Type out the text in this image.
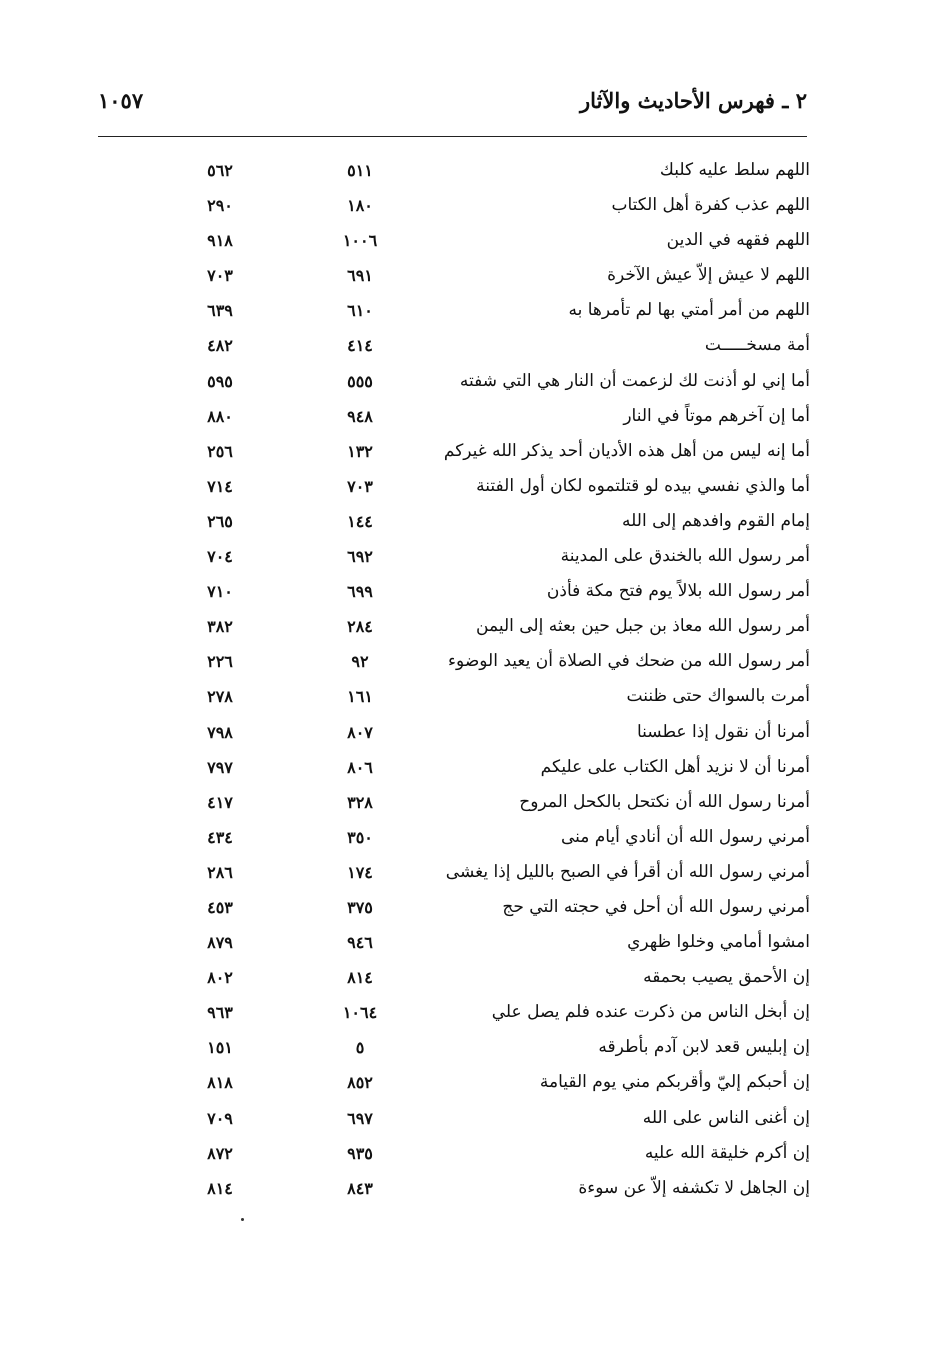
٢ ـ فهرس الأحاديث والآثار
١٠٥٧
اللهم سلط عليه كلبك
٥١١
٥٦٢
اللهم عذب كفرة أهل الكتاب
١٨٠
٢٩٠
اللهم فقهه في الدين
١٠٠٦
٩١٨
اللهم لا عيش إلاّ عيش الآخرة
٦٩١
٧٠٣
اللهم من أمر أمتي بها لم تأمرها به
٦١٠
٦٣٩
أمة مسخـــــت
٤١٤
٤٨٢
أما إني لو أذنت لك لزعمت أن النار هي التي شفته
٥٥٥
٥٩٥
أما إن آخرهم موتاً في النار
٩٤٨
٨٨٠
أما إنه ليس من أهل هذه الأديان أحد يذكر الله غيركم
١٣٢
٢٥٦
أما والذي نفسي بيده لو قتلتموه لكان أول الفتنة
٧٠٣
٧١٤
إمام القوم وافدهم إلى الله
١٤٤
٢٦٥
أمر رسول الله بالخندق على المدينة
٦٩٢
٧٠٤
أمر رسول الله بلالاً يوم فتح مكة فأذن
٦٩٩
٧١٠
أمر رسول الله معاذ بن جبل حين بعثه إلى اليمن
٢٨٤
٣٨٢
أمر رسول الله من ضحك في الصلاة أن يعيد الوضوء
٩٢
٢٢٦
أمرت بالسواك حتى ظننت
١٦١
٢٧٨
أمرنا أن نقول إذا عطسنا
٨٠٧
٧٩٨
أمرنا أن لا نزيد أهل الكتاب على عليكم
٨٠٦
٧٩٧
أمرنا رسول الله أن نكتحل بالكحل المروح
٣٢٨
٤١٧
أمرني رسول الله أن أنادي أيام منى
٣٥٠
٤٣٤
أمرني رسول الله أن أقرأ في الصبح بالليل إذا يغشى
١٧٤
٢٨٦
أمرني رسول الله أن أحل في حجته التي حج
٣٧٥
٤٥٣
امشوا أمامي وخلوا ظهري
٩٤٦
٨٧٩
إن الأحمق يصيب بحمقه
٨١٤
٨٠٢
إن أبخل الناس من ذكرت عنده فلم يصل علي
١٠٦٤
٩٦٣
إن إبليس قعد لابن آدم بأطرقه
٥
١٥١
إن أحبكم إليّ وأقربكم مني يوم القيامة
٨٥٢
٨١٨
إن أغنى الناس على الله
٦٩٧
٧٠٩
إن أكرم خليقة الله عليه
٩٣٥
٨٧٢
إن الجاهل لا تكشفه إلاّ عن سوءة
٨٤٣
٨١٤
